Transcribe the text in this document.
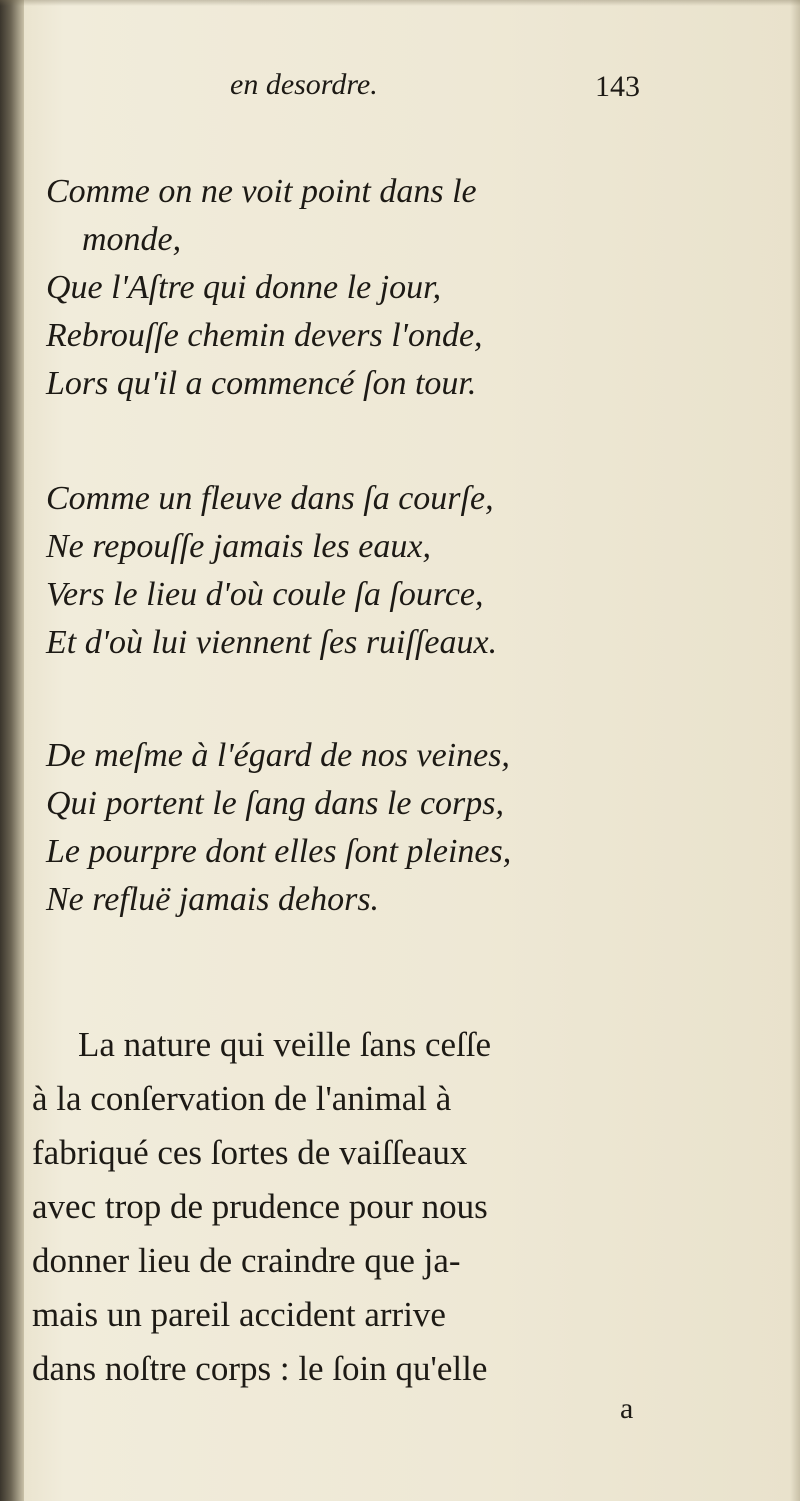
en desordre.	143
Comme on ne voit point dans le
monde,
Que l'Aſtre qui donne le jour,
Rebrouſſe chemin devers l'onde,
Lors qu'il a commencé ſon tour.
Comme un fleuve dans ſa courſe,
Ne repouſſe jamais les eaux,
Vers le lieu d'où coule ſa ſource,
Et d'où lui viennent ſes ruiſſeaux.
De meſme à l'égard de nos veines,
Qui portent le ſang dans le corps,
Le pourpre dont elles ſont pleines,
Ne refluë jamais dehors.
La nature qui veille ſans ceſſe
à la conſervation de l'animal à
fabriqué ces ſortes de vaiſſeaux
avec trop de prudence pour nous
donner lieu de craindre que ja-
mais un pareil accident arrive
dans noſtre corps : le ſoin qu'elle
a
